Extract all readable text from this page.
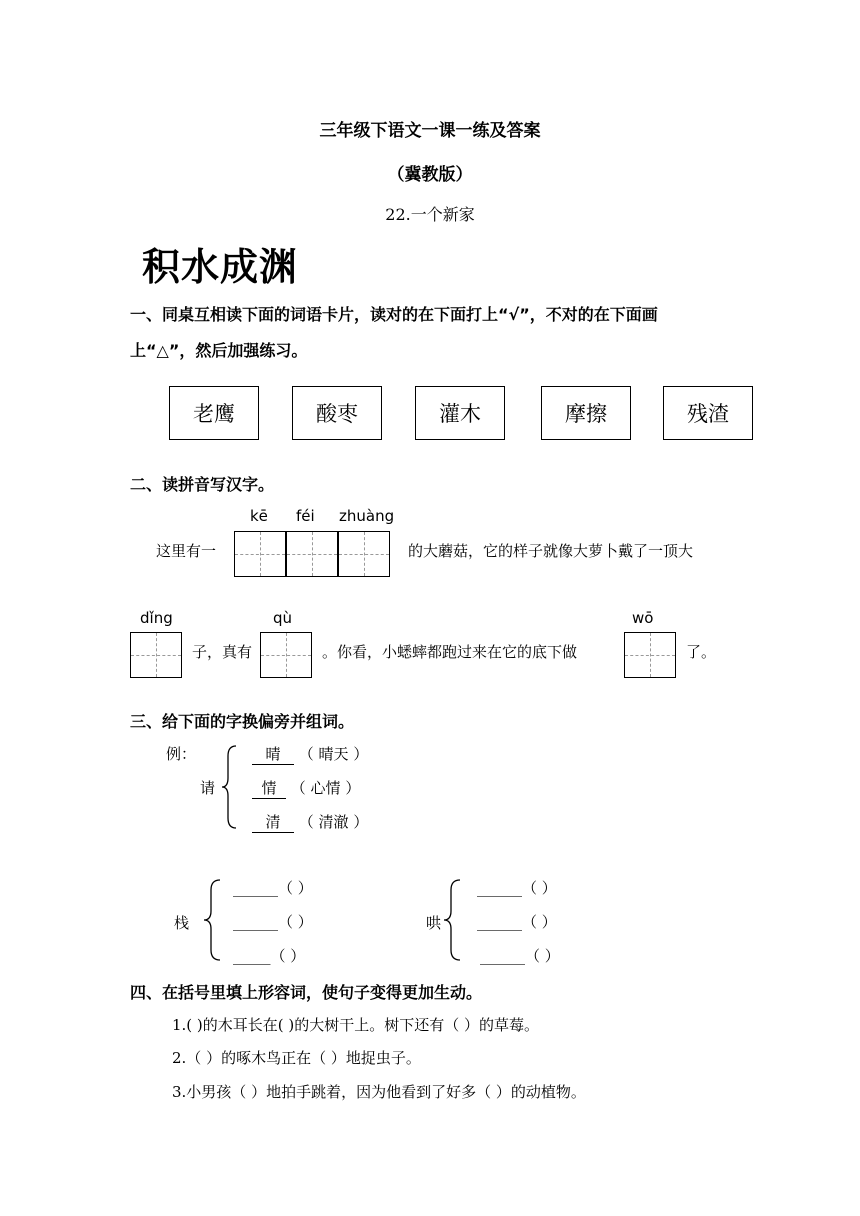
三年级下语文一课一练及答案
（冀教版）
22.一个新家
积水成渊
一、同桌互相读下面的词语卡片，读对的在下面打上“√”，不对的在下面画
上“△”，然后加强练习。
老鹰	酸枣	灌木	摩擦	残渣
二、读拼音写汉字。
kē féi zhuàng
这里有一	的大蘑菇，它的样子就像大萝卜戴了一顶大
dǐng	qù	wō
子，真有	。你看，小蟋蟀都跑过来在它的底下做	了。
三、给下面的字换偏旁并组词。
例：
请
晴 （ 晴天 ）
情 （ 心情 ）
清 （ 清澈 ）
栈
______（ ）
______（ ）
_____（ ）
哄
______（ ）
______（ ）
______（ ）
四、在括号里填上形容词，使句子变得更加生动。
1.( )的木耳长在( )的大树干上。树下还有（ ）的草莓。
2.（ ）的啄木鸟正在（ ）地捉虫子。
3.小男孩（ ）地拍手跳着，因为他看到了好多（ ）的动植物。
